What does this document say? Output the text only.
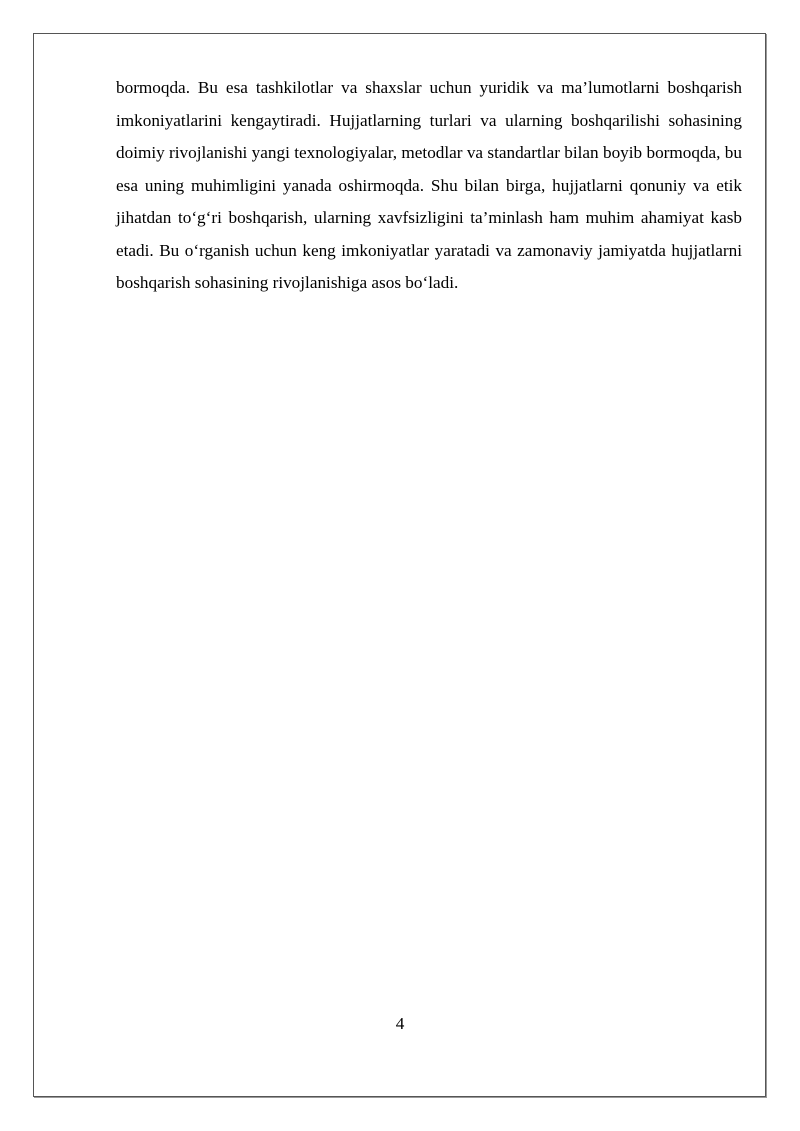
bormoqda. Bu esa tashkilotlar va shaxslar uchun yuridik va ma’lumotlarni boshqarish imkoniyatlarini kengaytiradi. Hujjatlarning turlari va ularning boshqarilishi sohasining doimiy rivojlanishi yangi texnologiyalar, metodlar va standartlar bilan boyib bormoqda, bu esa uning muhimligini yanada oshirmoqda. Shu bilan birga, hujjatlarni qonuniy va etik jihatdan to‘g‘ri boshqarish, ularning xavfsizligini ta’minlash ham muhim ahamiyat kasb etadi. Bu o‘rganish uchun keng imkoniyatlar yaratadi va zamonaviy jamiyatda hujjatlarni boshqarish sohasining rivojlanishiga asos bo‘ladi.

4
